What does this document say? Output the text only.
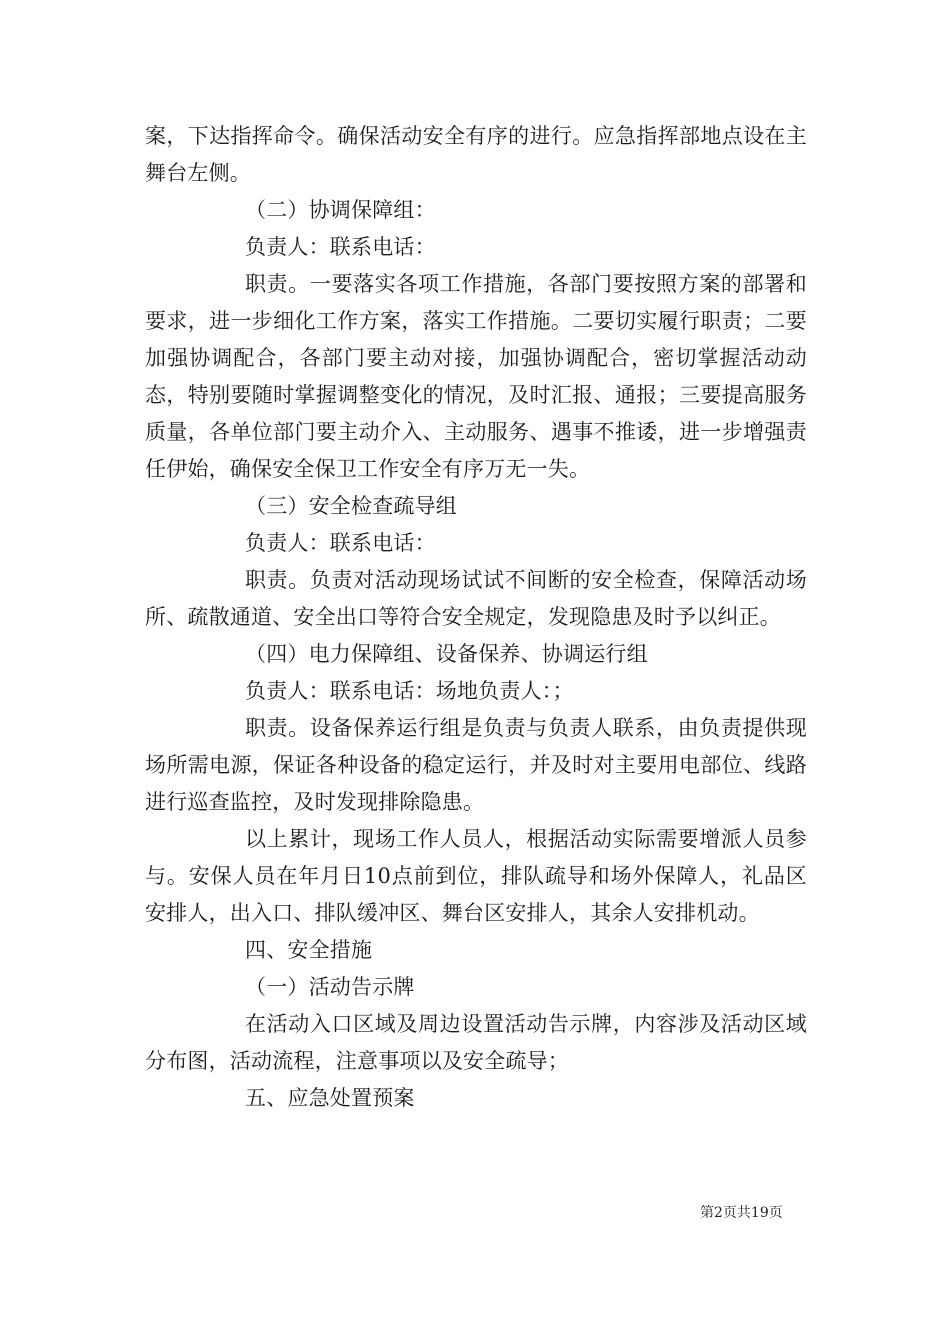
案，下达指挥命令。确保活动安全有序的进行。应急指挥部地点设在主舞台左侧。

（二）协调保障组：

负责人：联系电话：

职责。一要落实各项工作措施，各部门要按照方案的部署和要求，进一步细化工作方案，落实工作措施。二要切实履行职责；二要加强协调配合，各部门要主动对接，加强协调配合，密切掌握活动动态，特别要随时掌握调整变化的情况，及时汇报、通报；三要提高服务质量，各单位部门要主动介入、主动服务、遇事不推诿，进一步增强责任伊始，确保安全保卫工作安全有序万无一失。

（三）安全检查疏导组

负责人：联系电话：

职责。负责对活动现场试试不间断的安全检查，保障活动场所、疏散通道、安全出口等符合安全规定，发现隐患及时予以纠正。

（四）电力保障组、设备保养、协调运行组

负责人：联系电话：场地负责人：；

职责。设备保养运行组是负责与负责人联系，由负责提供现场所需电源，保证各种设备的稳定运行，并及时对主要用电部位、线路进行巡查监控，及时发现排除隐患。

以上累计，现场工作人员人，根据活动实际需要增派人员参与。安保人员在年月日10点前到位，排队疏导和场外保障人，礼品区安排人，出入口、排队缓冲区、舞台区安排人，其余人安排机动。

四、安全措施

（一）活动告示牌

在活动入口区域及周边设置活动告示牌，内容涉及活动区域分布图，活动流程，注意事项以及安全疏导；

五、应急处置预案

第2页共19页
